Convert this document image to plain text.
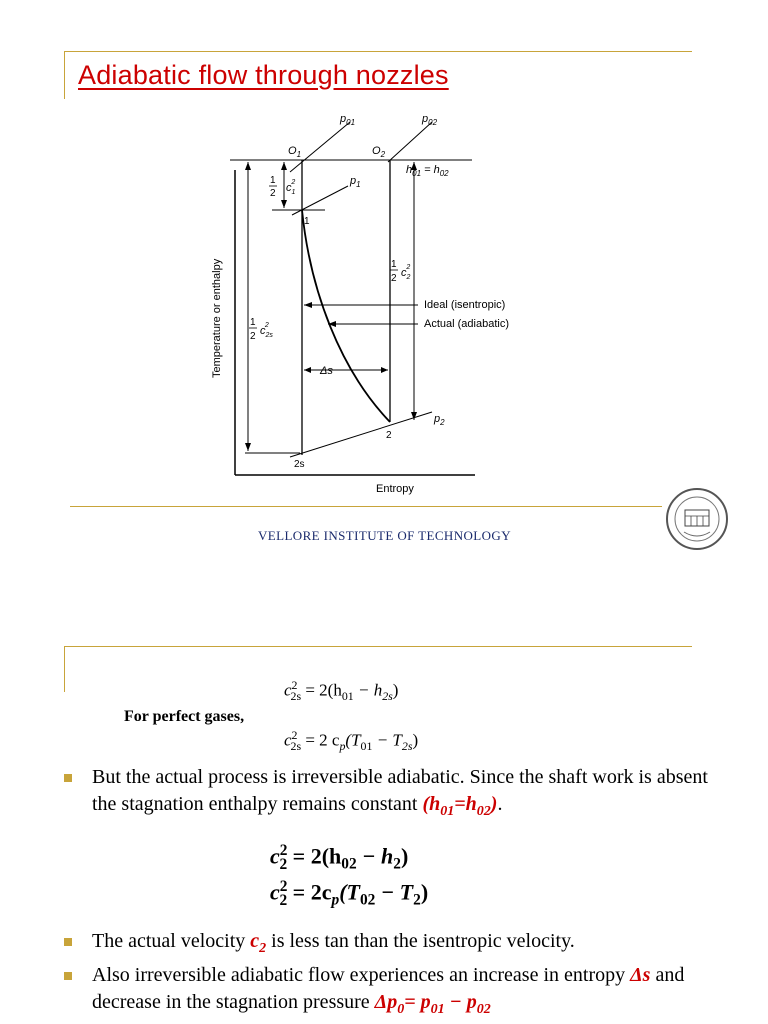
Adiabatic flow through nozzles
$p_{01}$	$p_{02}$
$O_1$	$O_2$
$h_{01} = h_{02}$
$p_1$
$p_2$
1
2
2s
Ideal (isentropic)
Actual (adiabatic)
Δs
1
2 $c_12$
1
2 $c_{2s}2$
1
2 $c_22$
Temperature or enthalpy
Entropy
VELLORE INSTITUTE OF TECHNOLOGY
$c^2_{2s} = 2(h_{01} - h_{2s})$
For perfect gases,
$c^2_{2s} = 2$ $c_p(T_{01} - T_{2s})$
But the actual process is irreversible adiabatic. Since the shaft work is absent the stagnation enthalpy remains constant $(h_{01}=h_{02})$.
$c^2_2 = 2(h_{02} - h_2)$
$c^2_2 = 2c_p(T_{02} - T_2)$
The actual velocity $c_2$ is less tan than the isentropic velocity.
Also irreversible adiabatic flow experiences an increase in entropy Δs and decrease in the stagnation pressure $\Delta p_0= p_{01} - p_{02}$
